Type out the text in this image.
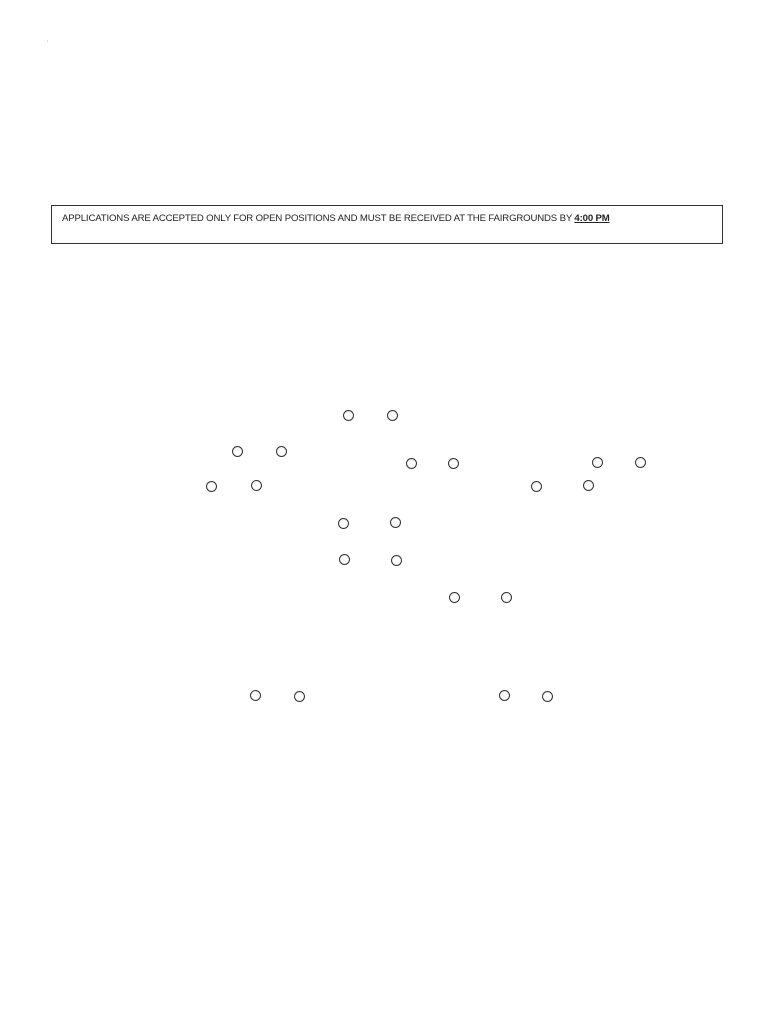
'
APPLICATIONS ARE ACCEPTED ONLY FOR OPEN POSITIONS AND MUST BE RECEIVED AT THE FAIRGROUNDS BY 4:00 PM
